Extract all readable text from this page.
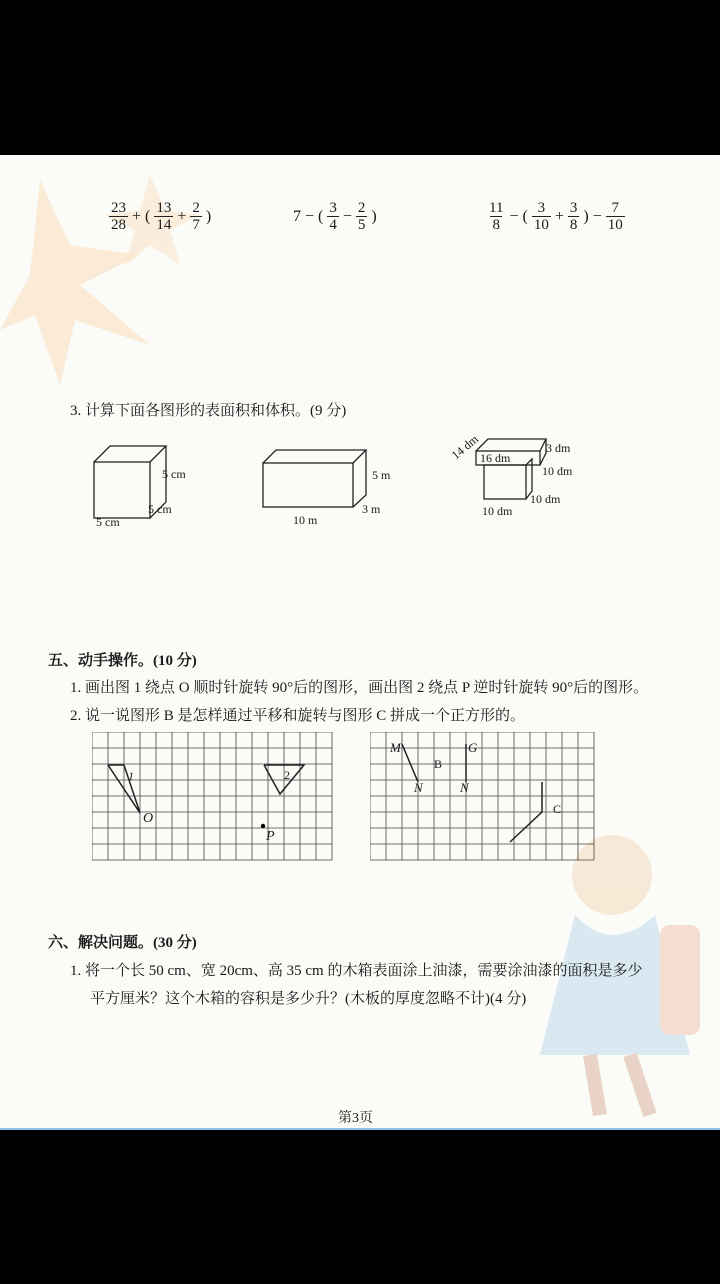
$\frac{23}{28}$ + ( $\frac{13}{14} + \frac{2}{7}$ )	7 − ( $\frac{3}{4} - \frac{2}{5}$ )	$\frac{11}{8}$ − ( $\frac{3}{10} + \frac{3}{8}$ ) − $\frac{7}{10}$
3. 计算下面各图形的表面积和体积。(9 分)
5 cm
5 cm
5 cm
5 m
3 m
10 m
14 dm 16 dm
3 dm
10 dm
10 dm
10 dm
五、动手操作。(10 分)
1. 画出图 1 绕点 O 顺时针旋转 90°后的图形，画出图 2 绕点 P 逆时针旋转 90°后的图形。
2. 说一说图形 B 是怎样通过平移和旋转与图形 C 拼成一个正方形的。
1
O
2
P
M
B
N
G
N
C
六、解决问题。(30 分)
1. 将一个长 50 cm、宽 20cm、高 35 cm 的木箱表面涂上油漆，需要涂油漆的面积是多少
平方厘米？这个木箱的容积是多少升？(木板的厚度忽略不计)(4 分)
第3页
